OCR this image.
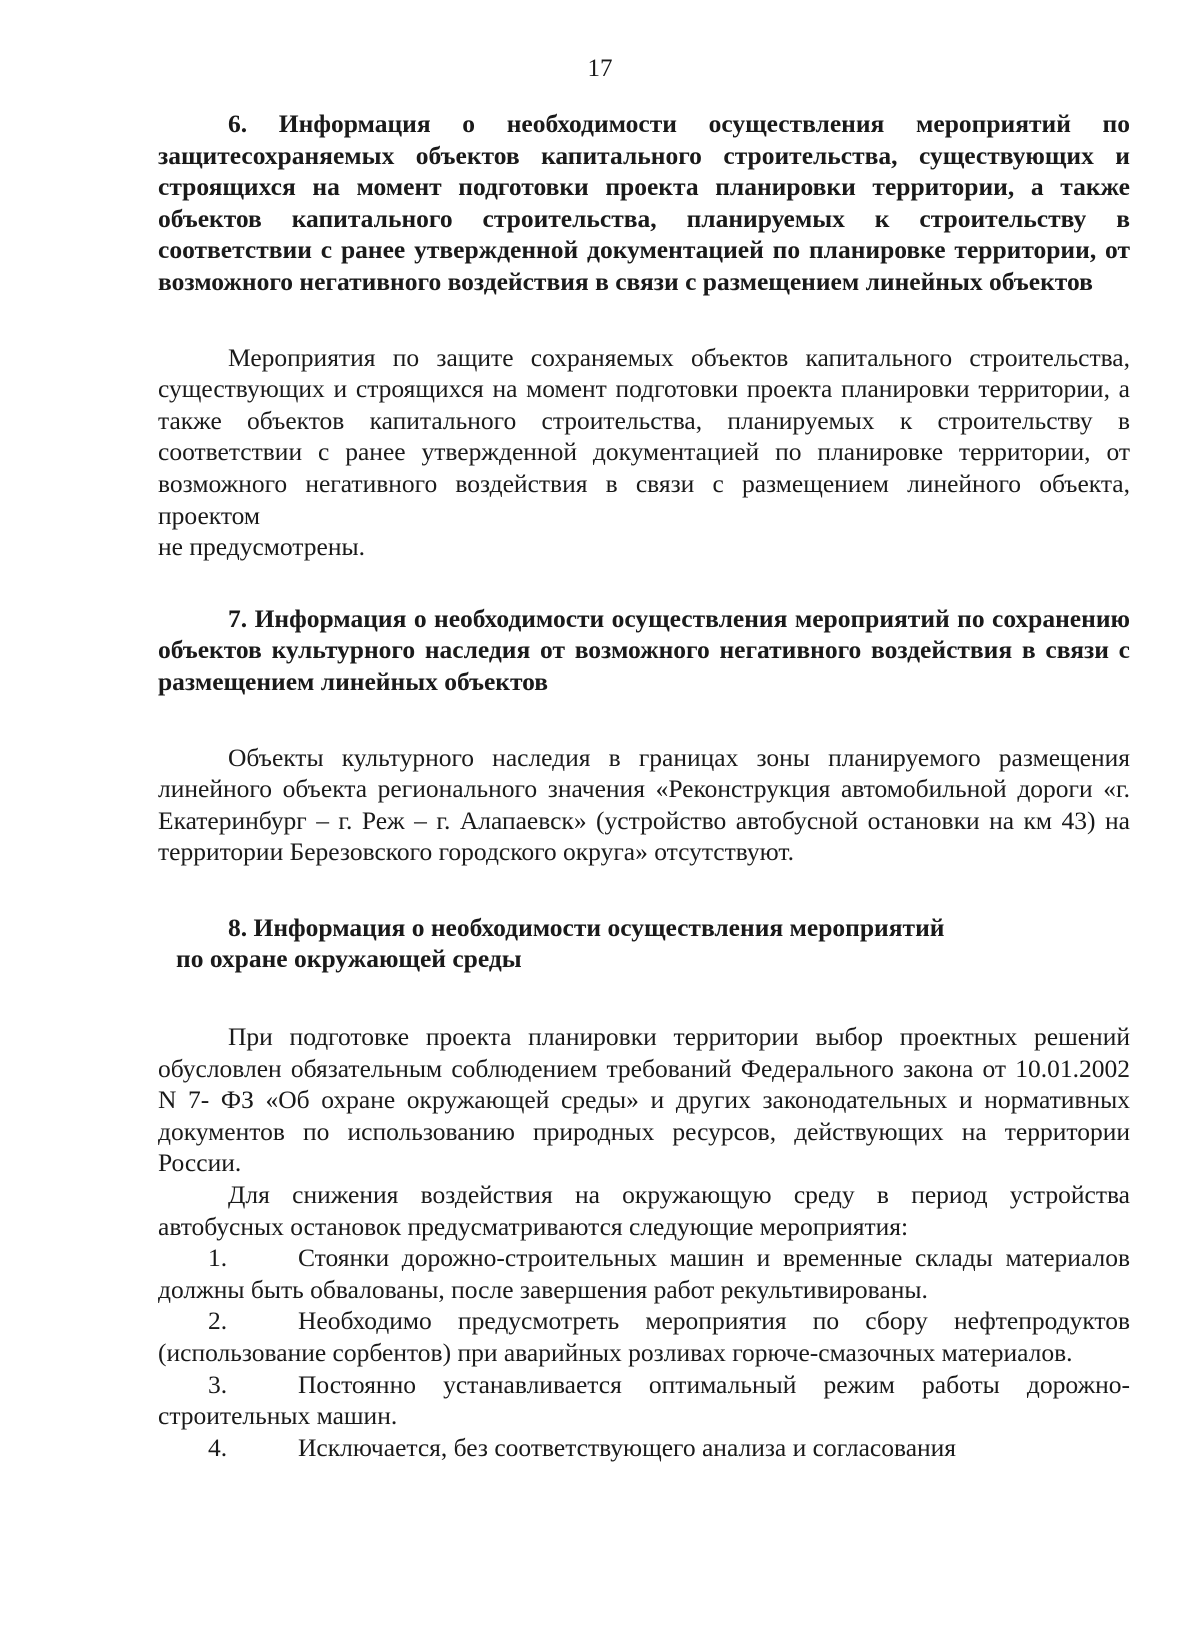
17

6. Информация о необходимости осуществления мероприятий по защитесохраняемых объектов капитального строительства, существующих и строящихся на момент подготовки проекта планировки территории, а также объектов капитального строительства, планируемых к строительству в соответствии с ранее утвержденной документацией по планировке территории, от возможного негативного воздействия в связи с размещением линейных объектов

Мероприятия по защите сохраняемых объектов капитального строительства, существующих и строящихся на момент подготовки проекта планировки территории, а также объектов капитального строительства, планируемых к строительству в соответствии с ранее утвержденной документацией по планировке территории, от возможного негативного воздействия в связи с размещением линейного объекта, проектом

не предусмотрены.

7. Информация о необходимости осуществления мероприятий по сохранению объектов культурного наследия от возможного негативного воздействия в связи с размещением линейных объектов

Объекты культурного наследия в границах зоны планируемого размещения линейного объекта регионального значения «Реконструкция автомобильной дороги «г. Екатеринбург – г. Реж – г. Алапаевск» (устройство автобусной остановки на км 43) на территории Березовского городского округа» отсутствуют.

8. Информация о необходимости осуществления мероприятий

по охране окружающей среды

При подготовке проекта планировки территории выбор проектных решений обусловлен обязательным соблюдением требований Федерального закона от 10.01.2002 N 7- ФЗ «Об охране окружающей среды» и других законодательных и нормативных документов по использованию природных ресурсов, действующих на территории России.

Для снижения воздействия на окружающую среду в период устройства автобусных остановок предусматриваются следующие мероприятия:

1.	Стоянки дорожно-строительных машин и временные склады материалов должны быть обвалованы, после завершения работ рекультивированы.

2.	Необходимо предусмотреть мероприятия по сбору нефтепродуктов (использование сорбентов) при аварийных розливах горюче-смазочных материалов.

3.	Постоянно устанавливается оптимальный режим работы дорожно-строительных машин.

4.	Исключается, без соответствующего анализа и согласования
